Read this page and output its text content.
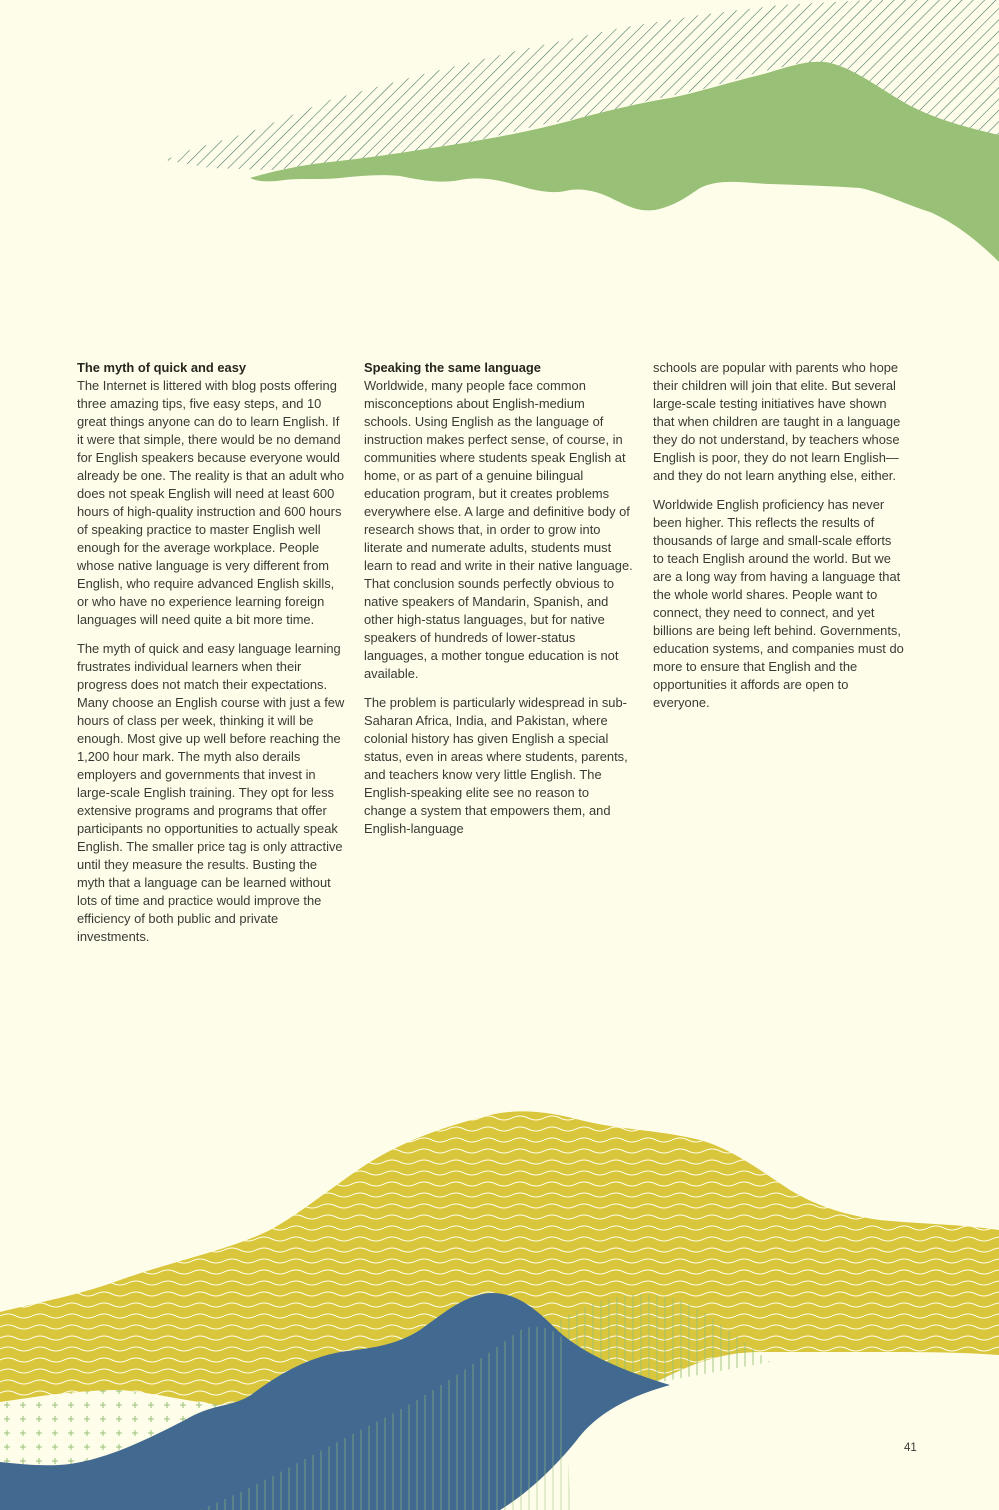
The myth of quick and easy

The Internet is littered with blog posts offering three amazing tips, five easy steps, and 10 great things anyone can do to learn English. If it were that simple, there would be no demand for English speakers because everyone would already be one. The reality is that an adult who does not speak English will need at least 600 hours of high-quality instruction and 600 hours of speaking practice to master English well enough for the average workplace. People whose native language is very different from English, who require advanced English skills, or who have no experience learning foreign languages will need quite a bit more time.

The myth of quick and easy language learning frustrates individual learners when their progress does not match their expectations. Many choose an English course with just a few hours of class per week, thinking it will be enough. Most give up well before reaching the 1,200 hour mark. The myth also derails employers and governments that invest in large-scale English training. They opt for less extensive programs and programs that offer participants no opportunities to actually speak English. The smaller price tag is only attractive until they measure the results. Busting the myth that a language can be learned without lots of time and practice would improve the efficiency of both public and private investments.

Speaking the same language

Worldwide, many people face common misconceptions about English-medium schools. Using English as the language of instruction makes perfect sense, of course, in communities where students speak English at home, or as part of a genuine bilingual education program, but it creates problems everywhere else. A large and definitive body of research shows that, in order to grow into literate and numerate adults, students must learn to read and write in their native language. That conclusion sounds perfectly obvious to native speakers of Mandarin, Spanish, and other high-status languages, but for native speakers of hundreds of lower-status languages, a mother tongue education is not available.

The problem is particularly widespread in sub-Saharan Africa, India, and Pakistan, where colonial history has given English a special status, even in areas where students, parents, and teachers know very little English. The English-speaking elite see no reason to change a system that empowers them, and English-language

schools are popular with parents who hope their children will join that elite. But several large-scale testing initiatives have shown that when children are taught in a language they do not understand, by teachers whose English is poor, they do not learn English—and they do not learn anything else, either.

Worldwide English proficiency has never been higher. This reflects the results of thousands of large and small-scale efforts to teach English around the world. But we are a long way from having a language that the whole world shares. People want to connect, they need to connect, and yet billions are being left behind. Governments, education systems, and companies must do more to ensure that English and the opportunities it affords are open to everyone.

41
